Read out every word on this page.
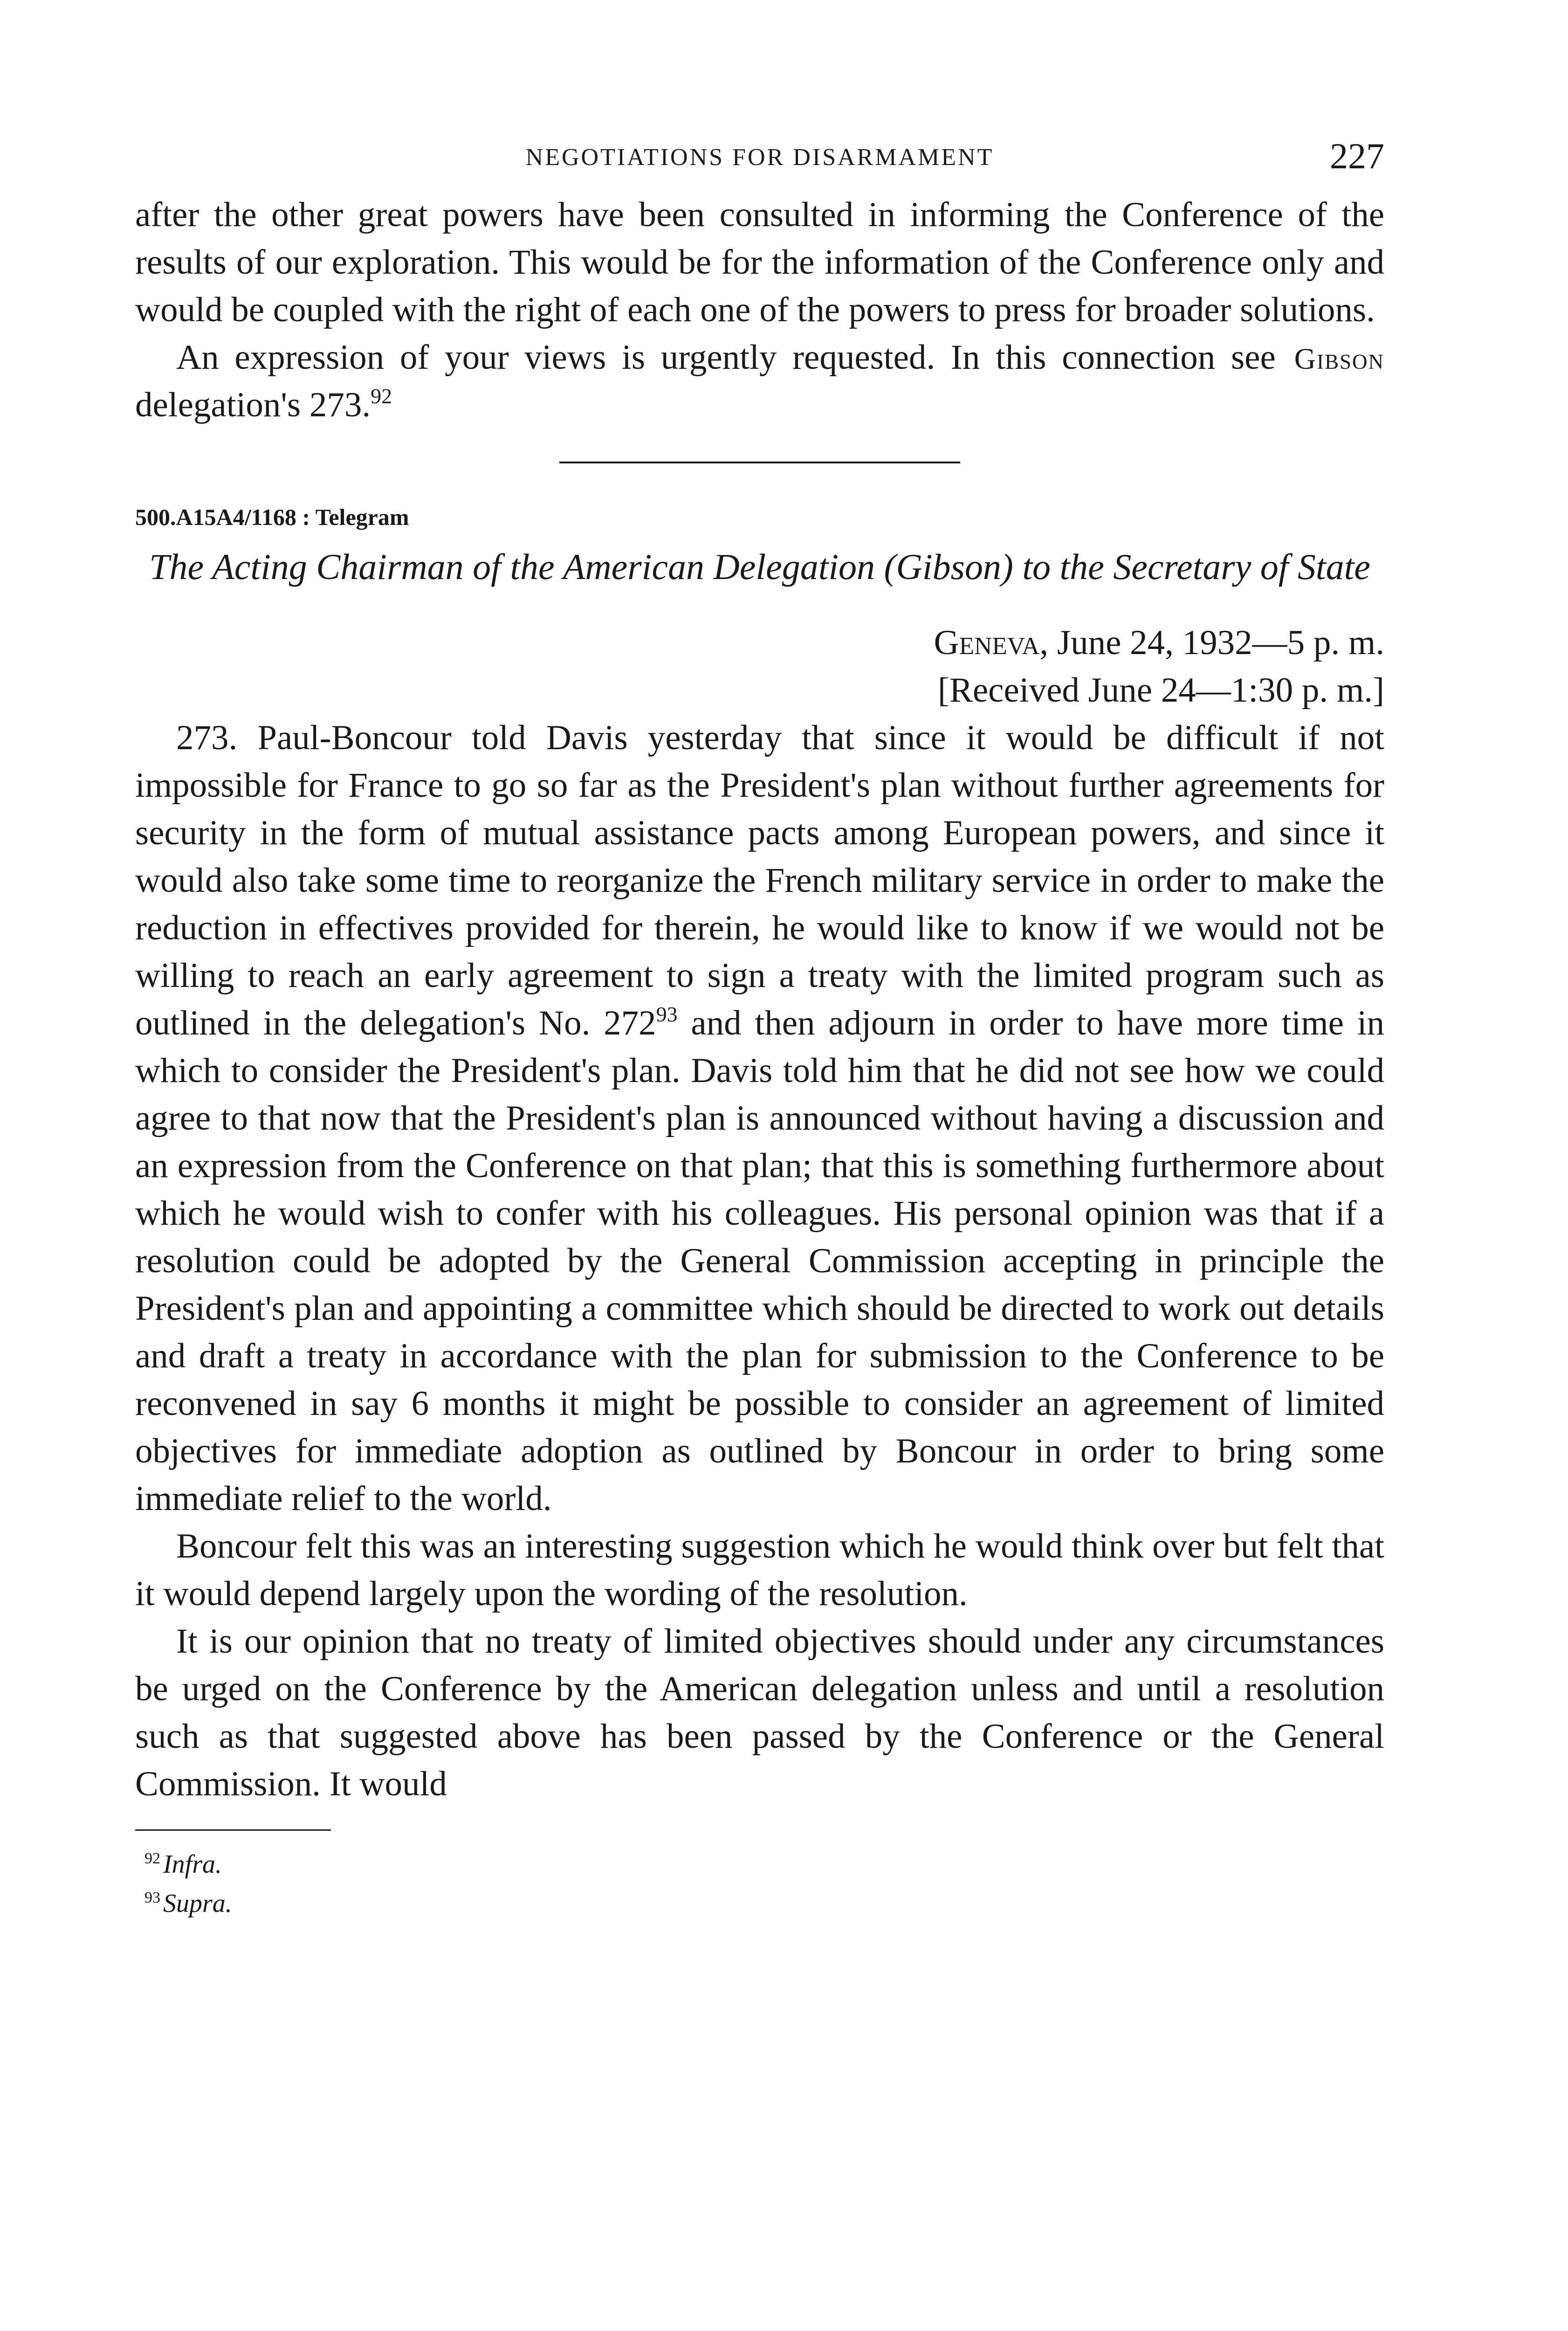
NEGOTIATIONS FOR DISARMAMENT	227

after the other great powers have been consulted in informing the Conference of the results of our exploration. This would be for the information of the Conference only and would be coupled with the right of each one of the powers to press for broader solutions.

An expression of your views is urgently requested. In this connection see delegation's 273.92

Gibson
500.A15A4/1168 : Telegram
The Acting Chairman of the American Delegation (Gibson) to the Secretary of State
Geneva, June 24, 1932—5 p. m.
[Received June 24—1:30 p. m.]

273. Paul-Boncour told Davis yesterday that since it would be difficult if not impossible for France to go so far as the President's plan without further agreements for security in the form of mutual assistance pacts among European powers, and since it would also take some time to reorganize the French military service in order to make the reduction in effectives provided for therein, he would like to know if we would not be willing to reach an early agreement to sign a treaty with the limited program such as outlined in the delegation's No. $272^{93}$ and then adjourn in order to have more time in which to consider the President's plan. Davis told him that he did not see how we could agree to that now that the President's plan is announced without having a discussion and an expression from the Conference on that plan; that this is something furthermore about which he would wish to confer with his colleagues. His personal opinion was that if a resolution could be adopted by the General Commission accepting in principle the President's plan and appointing a committee which should be directed to work out details and draft a treaty in accordance with the plan for submission to the Conference to be reconvened in say 6 months it might be possible to consider an agreement of limited objectives for immediate adoption as outlined by Boncour in order to bring some immediate relief to the world.

Boncour felt this was an interesting suggestion which he would think over but felt that it would depend largely upon the wording of the resolution.

It is our opinion that no treaty of limited objectives should under any circumstances be urged on the Conference by the American delegation unless and until a resolution such as that suggested above has been passed by the Conference or the General Commission. It would

$^{92}$ Infra.
$^{93}$ Supra.
